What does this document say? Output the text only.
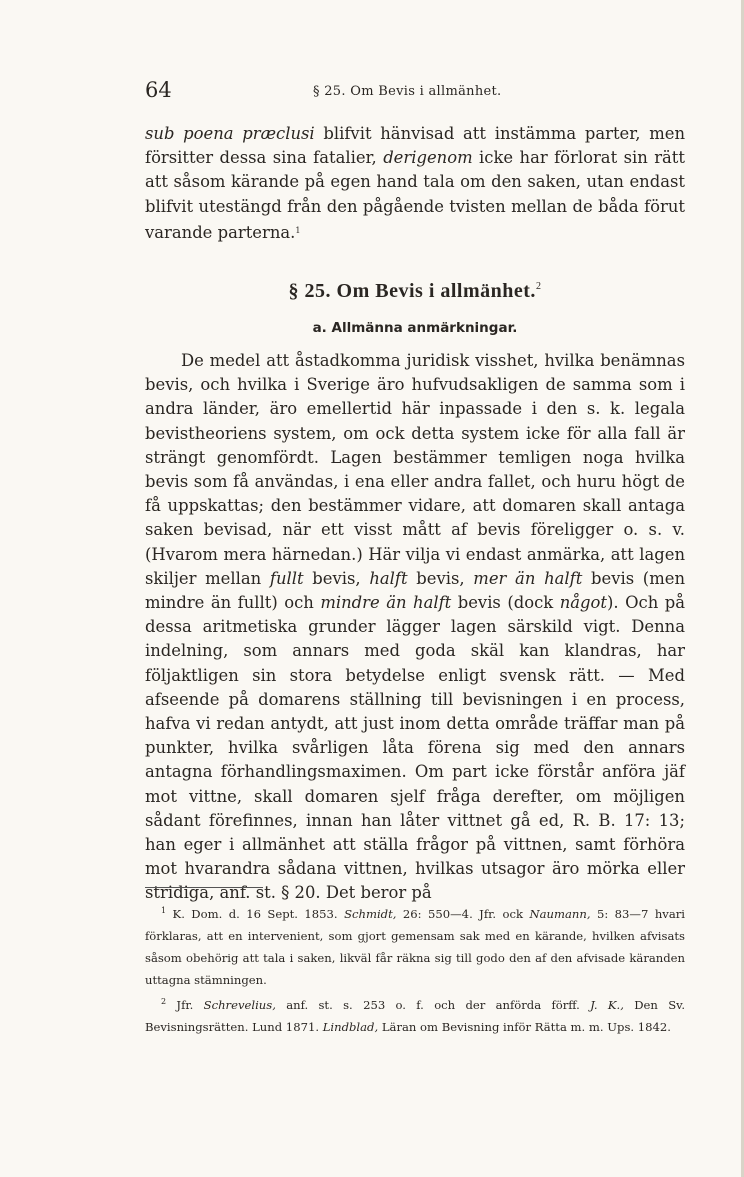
64	§ 25. Om Bevis i allmänhet.

sub poena præclusi blifvit hänvisad att instämma parter, men försitter dessa sina fatalier, derigenom icke har förlorat sin rätt att såsom kärande på egen hand tala om den saken, utan endast blifvit utestängd från den pågående tvisten mellan de båda förut varande parterna.$^1$

§ 25. Om Bevis i allmänhet.$^2$
a. Allmänna anmärkningar.

De medel att åstadkomma juridisk visshet, hvilka benämnas bevis, och hvilka i Sverige äro hufvudsakligen de samma som i andra länder, äro emellertid här inpassade i den s. k. legala bevistheoriens system, om ock detta system icke för alla fall är strängt genomfördt. Lagen bestämmer temligen noga hvilka bevis som få användas, i ena eller andra fallet, och huru högt de få uppskattas; den bestämmer vidare, att domaren skall antaga saken bevisad, när ett visst mått af bevis föreligger o. s. v. (Hvarom mera härnedan.) Här vilja vi endast anmärka, att lagen skiljer mellan fullt bevis, halft bevis, mer än halft bevis (men mindre än fullt) och mindre än halft bevis (dock något). Och på dessa aritmetiska grunder lägger lagen särskild vigt. Denna indelning, som annars med goda skäl kan klandras, har följaktligen sin stora betydelse enligt svensk rätt. — Med afseende på domarens ställning till bevisningen i en process, hafva vi redan antydt, att just inom detta område träffar man på punkter, hvilka svårligen låta förena sig med den annars antagna förhandlingsmaximen. Om part icke förstår anföra jäf mot vittne, skall domaren sjelf fråga derefter, om möjligen sådant förefinnes, innan han låter vittnet gå ed, R. B. 17: 13; han eger i allmänhet att ställa frågor på vittnen, samt förhöra mot hvarandra sådana vittnen, hvilkas utsagor äro mörka eller stridiga, anf. st. § 20. Det beror på

$^1$ K. Dom. d. 16 Sept. 1853. Schmidt, 26: 550—4. Jfr. ock Naumann, 5: 83—7 hvari förklaras, att en intervenient, som gjort gemensam sak med en kärande, hvilken afvisats såsom obehörig att tala i saken, likväl får räkna sig till godo den af den afvisade käranden uttagna stämningen.

$^2$ Jfr. Schrevelius, anf. st. s. 253 o. f. och der anförda förff. J. K., Den Sv. Bevisningsrätten. Lund 1871. Lindblad, Läran om Bevisning inför Rätta m. m. Ups. 1842.
